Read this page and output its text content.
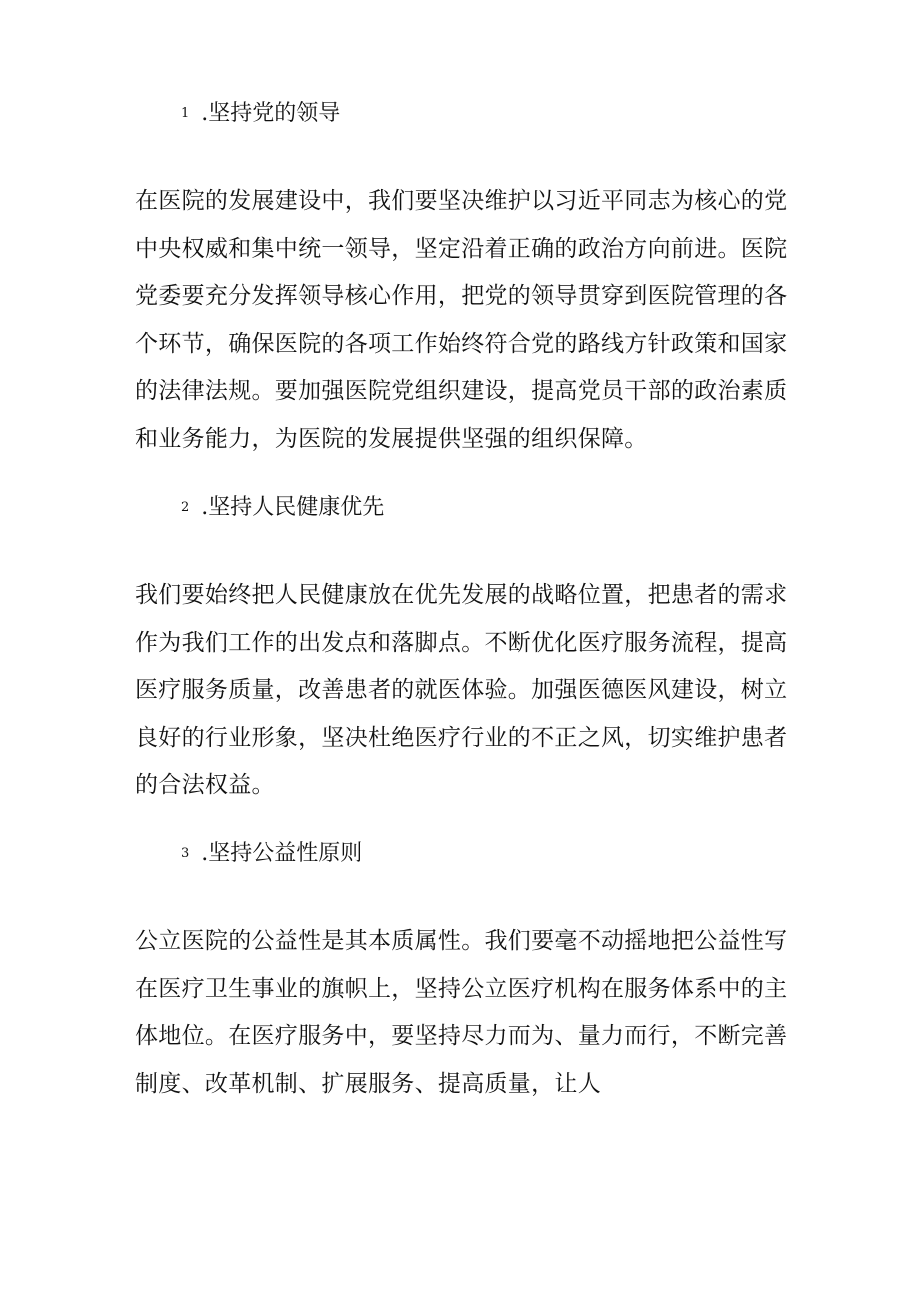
1 .坚持党的领导
在医院的发展建设中，我们要坚决维护以习近平同志为核心的党
中央权威和集中统一领导，坚定沿着正确的政治方向前进。医院
党委要充分发挥领导核心作用，把党的领导贯穿到医院管理的各
个环节，确保医院的各项工作始终符合党的路线方针政策和国家
的法律法规。要加强医院党组织建设，提高党员干部的政治素质
和业务能力，为医院的发展提供坚强的组织保障。
2 .坚持人民健康优先
我们要始终把人民健康放在优先发展的战略位置，把患者的需求
作为我们工作的出发点和落脚点。不断优化医疗服务流程，提高
医疗服务质量，改善患者的就医体验。加强医德医风建设，树立
良好的行业形象，坚决杜绝医疗行业的不正之风，切实维护患者
的合法权益。
3 .坚持公益性原则
公立医院的公益性是其本质属性。我们要毫不动摇地把公益性写
在医疗卫生事业的旗帜上，坚持公立医疗机构在服务体系中的主
体地位。在医疗服务中，要坚持尽力而为、量力而行，不断完善
制度、改革机制、扩展服务、提高质量，让人
